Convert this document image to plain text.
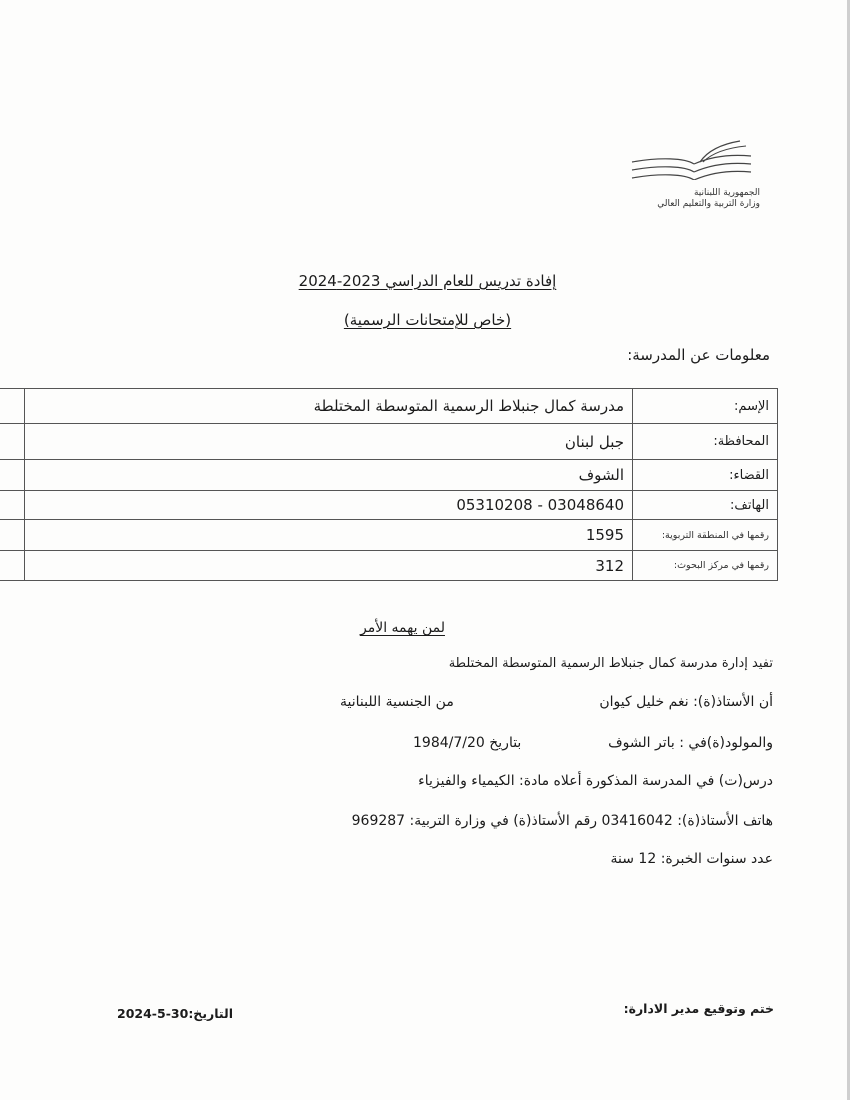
الجمهورية اللبنانية
وزارة التربية والتعليم العالي
إفادة تدريس للعام الدراسي 2023-2024
(خاص للإمتحانات الرسمية)
معلومات عن المدرسة:
الإسم:	مدرسة كمال جنبلاط الرسمية المتوسطة المختلطة	
المحافظة:	جبل لبنان	
القضاء:	الشوف	
الهاتف:	03048640 - 05310208	
رقمها في المنطقة التربوية:	1595	
رقمها في مركز البحوث:	312	
لمن يهمه الأمر
تفيد إدارة مدرسة كمال جنبلاط الرسمية المتوسطة المختلطة
أن الأستاذ(ة): نغم خليل كيوان
من الجنسية اللبنانية
والمولود(ة)في : باتر الشوف
بتاريخ 1984/7/20
درس(ت) في المدرسة المذكورة أعلاه مادة: الكيمياء والفيزياء
هاتف الأستاذ(ة): 03416042 رقم الأستاذ(ة) في وزارة التربية: 969287
عدد سنوات الخبرة: 12 سنة
ختم وتوقيع مدير الادارة:
التاريخ:30-5-2024
